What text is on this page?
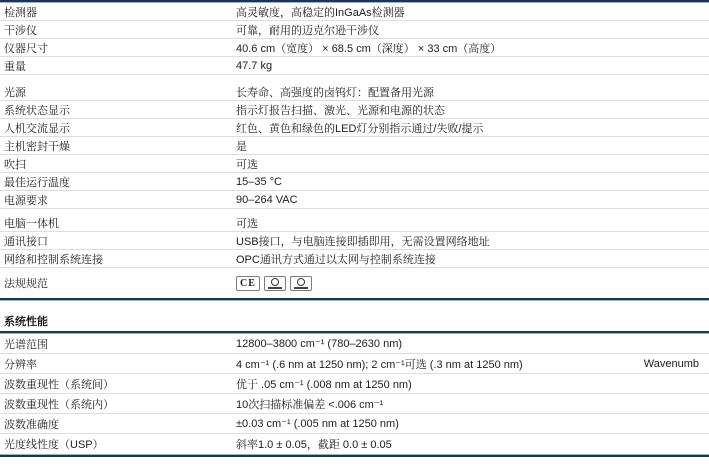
检测器	高灵敏度，高稳定的InGaAs检测器
干涉仪	可靠，耐用的迈克尔逊干涉仪
仪器尺寸	40.6 cm（宽度） × 68.5 cm（深度） × 33 cm（高度）
重量	47.7 kg
光源	长寿命、高强度的卤钨灯：配置备用光源
系统状态显示	指示灯报告扫描、激光、光源和电源的状态
人机交流显示	红色、黄色和绿色的LED灯分别指示通过/失败/提示
主机密封干燥	是
吹扫	可选
最佳运行温度	15–35 °C
电源要求	90–264 VAC
电脑一体机	可选
通讯接口	USB接口，与电脑连接即插即用，无需设置网络地址
网络和控制系统连接	OPC通讯方式通过以太网与控制系统连接
法规规范	CE
系统性能
光谱范围	12800–3800 cm⁻¹ (780–2630 nm)
分辨率	4 cm⁻¹ (.6 nm at 1250 nm); 2 cm⁻¹可选 (.3 nm at 1250 nm)	Wavenumb
波数重现性（系统间）	优于 .05 cm⁻¹ (.008 nm at 1250 nm)
波数重现性（系统内）	10次扫描标准偏差 <.006 cm⁻¹
波数准确度	±0.03 cm⁻¹ (.005 nm at 1250 nm)
光度线性度（USP）	斜率1.0 ± 0.05，截距 0.0 ± 0.05
